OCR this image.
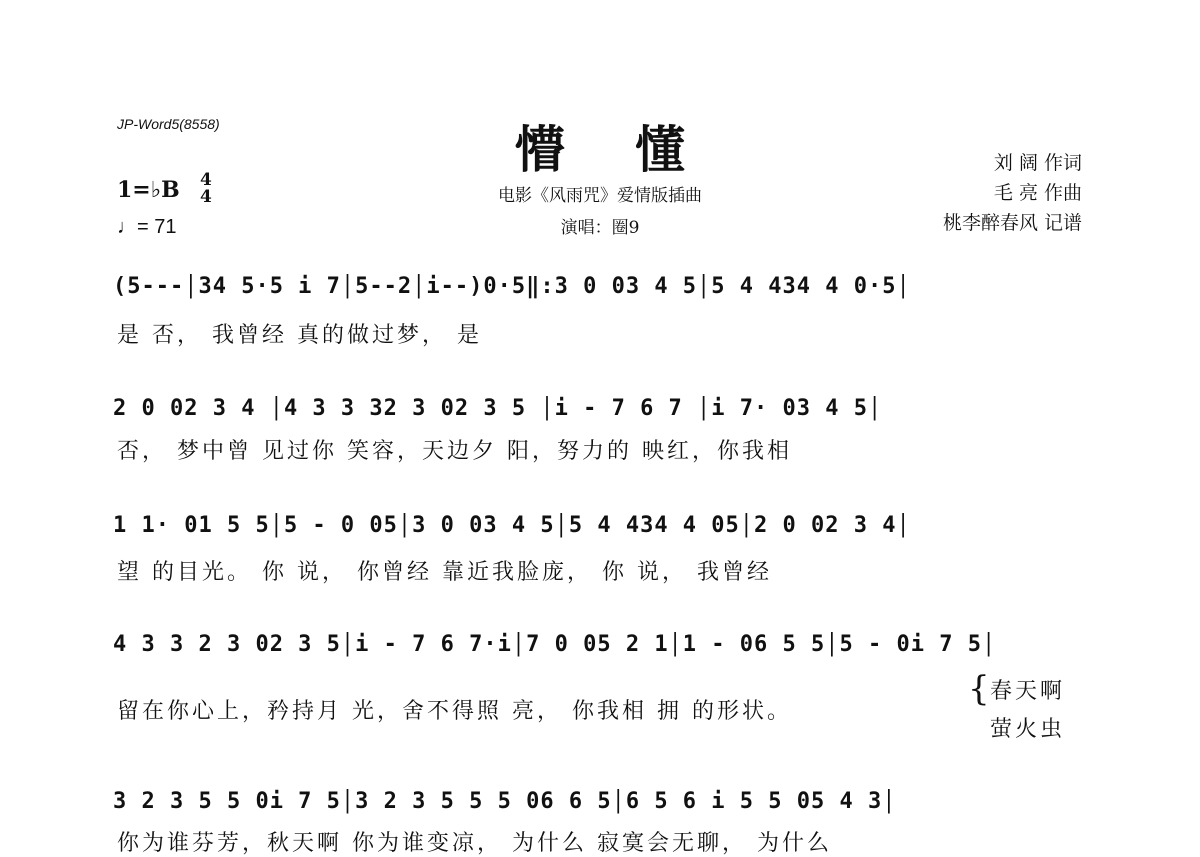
JP-Word5(8558)	懵懂
电影《风雨咒》爱情版插曲
演唱：圈9
刘 阔 作词
毛 亮 作曲
桃李醉春风 记谱
1=♭B 4
4
♩= 71
(5---│34 5·5 i 7│5--2│i--)0·5‖:3 0 03 4 5│5 4 434 4 0·5│
是 否， 我曾经 真的做过梦， 是
2 0 02 3 4 │4 3 3 32 3 02 3 5 │i - 7 6 7 │i 7· 03 4 5│
否， 梦中曾 见过你 笑容，天边夕 阳，努力的 映红，你我相
1 1· 01 5 5│5 - 0 05│3 0 03 4 5│5 4 434 4 05│2 0 02 3 4│
望 的目光。 你 说， 你曾经 靠近我脸庞， 你 说， 我曾经
4 3 3 2 3 02 3 5│i - 7 6 7·i│7 0 05 2 1│1 - 06 5 5│5 - 0i 7 5│
留在你心上，矜持月 光，舍不得照 亮， 你我相 拥 的形状。
{ 春天啊
萤火虫
3 2 3 5 5 0i 7 5│3 2 3 5 5 5 06 6 5│6 5 6 i 5 5 05 4 3│
你为谁芬芳，秋天啊 你为谁变凉， 为什么 寂寞会无聊， 为什么
